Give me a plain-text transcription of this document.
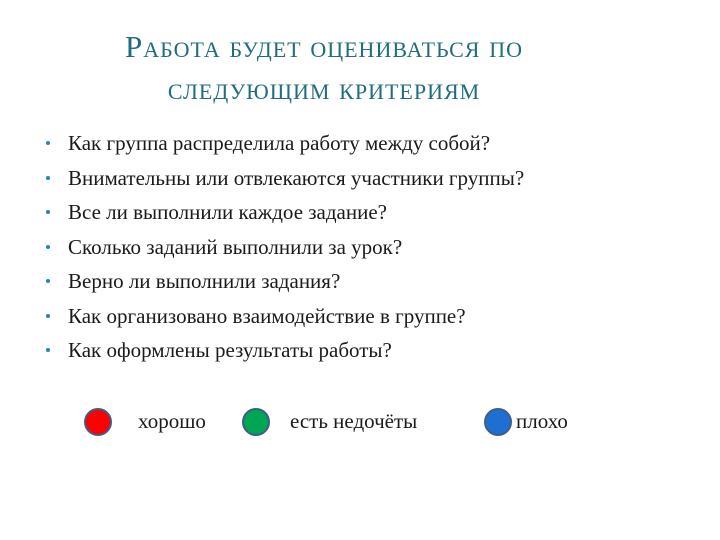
Работа будет оцениваться по
следующим критериям
Как группа распределила работу между собой?
Внимательны или отвлекаются участники группы?
Все ли выполнили каждое задание?
Сколько заданий выполнили за урок?
Верно ли выполнили задания?
Как организовано взаимодействие в группе?
Как оформлены результаты работы?
хорошо	есть недочёты	плохо
